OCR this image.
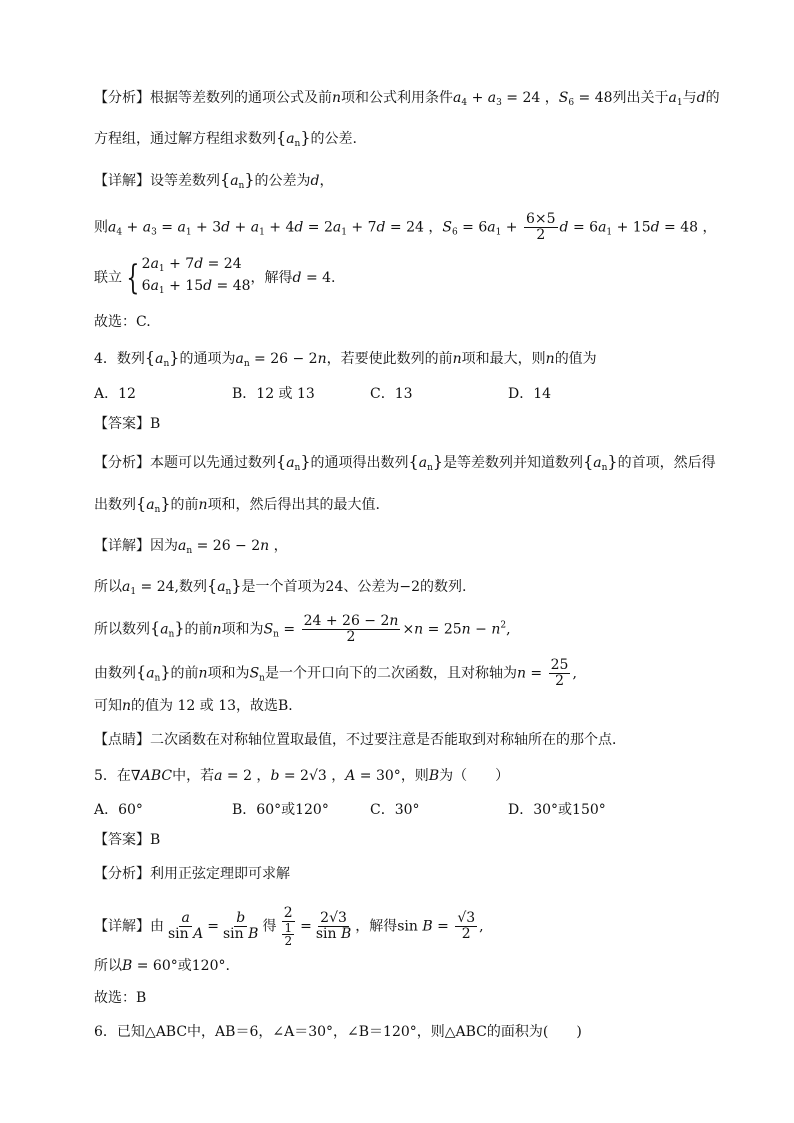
【分析】根据等差数列的通项公式及前n项和公式利用条件$a_4 + a_3 = 24$ ，$S_6 = 48$列出关于$a_1$与d的
方程组，通过解方程组求数列$\{a_n\}$的公差.
【详解】设等差数列$\{a_n\}$的公差为d，
则$a_4 + a_3 = a_1 + 3d + a_1 + 4d = 2a_1 + 7d = 24$ ，$S_6 = 6a_1 + \frac{6\times 5}{2}$ $d = 6a_1 + 15d = 48$ ，
联立 { $2a_1 + 7d = 24$
$6a_1 + 15d = 48$ ，解得d = 4.
故选：C.
4．数列$\{a_n\}$的通项为$a_n = 26 - 2n$，若要使此数列的前n项和最大，则n的值为
A．12	B．12 或 13	C．13	D．14
【答案】B
【分析】本题可以先通过数列$\{a_n\}$的通项得出数列$\{a_n\}$是等差数列并知道数列$\{a_n\}$的首项，然后得
出数列$\{a_n\}$的前n项和，然后得出其的最大值.
【详解】因为$a_n = 26 - 2n$ ，
所以$a_1 = 24$,数列$\{a_n\}$是一个首项为24、公差为−2的数列.
所以数列$\{a_n\}$的前n项和为$S_n = \frac{24 + 26 - 2n}{2} \times n = 25n - n^2$,
由数列$\{a_n\}$的前n项和为$S_n$是一个开口向下的二次函数，且对称轴为$n = \frac{25}{2}$ ,
可知n的值为 12 或 13，故选B．
【点睛】二次函数在对称轴位置取最值，不过要注意是否能取到对称轴所在的那个点．
5．在∇ABC中，若a = 2 ，b = 2√3 ，A = 30°，则B为（　　）
A．60°	B．60°或120°	C．30°	D．30°或150°
【答案】B
【分析】利用正弦定理即可求解
【详解】由 $\frac{a}{\text{sin A}} = \frac{b}{\text{sin B}}$ 得 $\frac{2}{\frac{1}{2}} = \frac{2√3}{\text{sin B}}$ ，解得$\sin B = \frac{√3}{2}$ ,
所以B = 60°或120°.
故选：B
6．已知△ABC中，AB＝6，∠A＝30°，∠B＝120°，则△ABC的面积为(　　)
